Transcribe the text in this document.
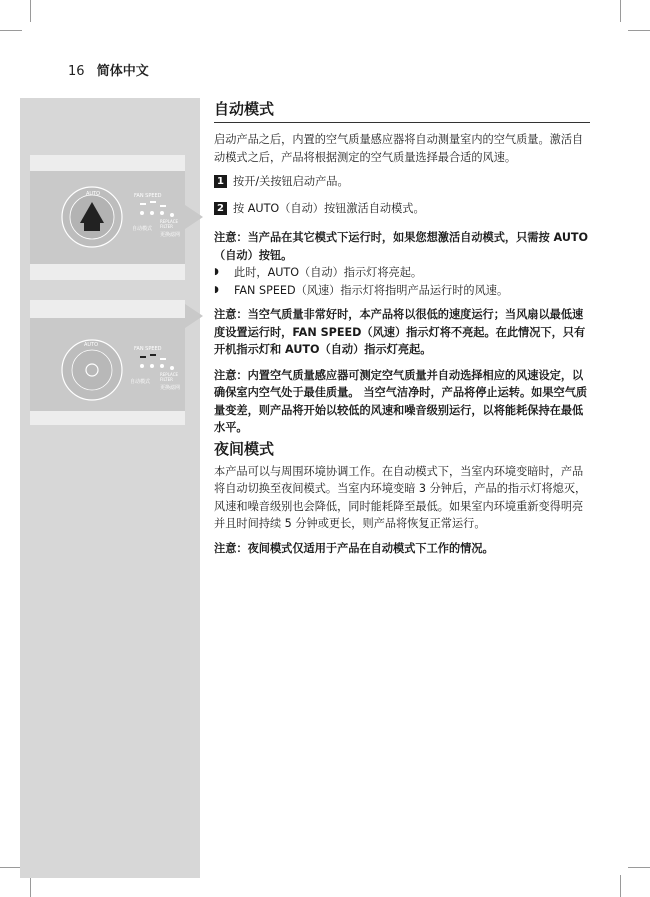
16 简体中文
AUTO	FAN SPEED
自动模式
REPLACE FILTER
更换滤网
AUTO
FAN SPEED
自动模式
REPLACE FILTER
更换滤网
自动模式

启动产品之后，内置的空气质量感应器将自动测量室内的空气质量。激活自动模式之后，产品将根据测定的空气质量选择最合适的风速。

1 按开/关按钮启动产品。
2 按 AUTO（自动）按钮激活自动模式。

注意：当产品在其它模式下运行时，如果您想激活自动模式，只需按 AUTO（自动）按钮。

◗	此时，AUTO（自动）指示灯将亮起。
◗	FAN SPEED（风速）指示灯将指明产品运行时的风速。

注意：当空气质量非常好时，本产品将以很低的速度运行；当风扇以最低速度设置运行时，FAN SPEED（风速）指示灯将不亮起。在此情况下，只有开机指示灯和 AUTO（自动）指示灯亮起。

注意：内置空气质量感应器可测定空气质量并自动选择相应的风速设定，以确保室内空气处于最佳质量。 当空气洁净时，产品将停止运转。如果空气质量变差，则产品将开始以较低的风速和噪音级别运行，以将能耗保持在最低水平。

夜间模式

本产品可以与周围环境协调工作。在自动模式下，当室内环境变暗时，产品将自动切换至夜间模式。当室内环境变暗 3 分钟后，产品的指示灯将熄灭，风速和噪音级别也会降低，同时能耗降至最低。如果室内环境重新变得明亮并且时间持续 5 分钟或更长，则产品将恢复正常运行。

注意：夜间模式仅适用于产品在自动模式下工作的情况。
